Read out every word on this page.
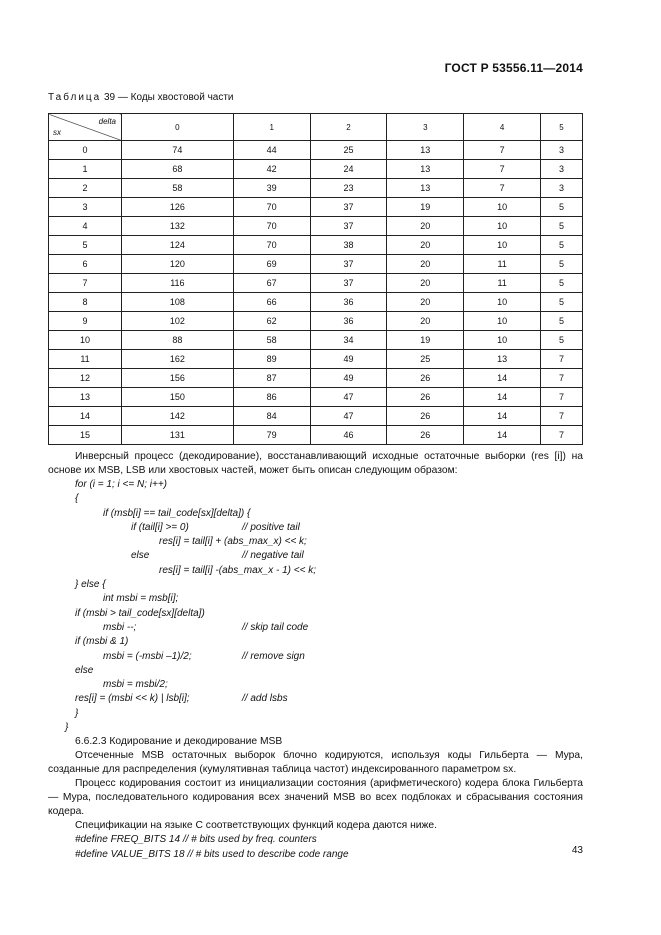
ГОСТ Р 53556.11—2014
Таблица 39 — Коды хвостовой части
delta
sx	0	1	2	3	4	5
0	74	44	25	13	7	3
1	68	42	24	13	7	3
2	58	39	23	13	7	3
3	126	70	37	19	10	5
4	132	70	37	20	10	5
5	124	70	38	20	10	5
6	120	69	37	20	11	5
7	116	67	37	20	11	5
8	108	66	36	20	10	5
9	102	62	36	20	10	5
10	88	58	34	19	10	5
11	162	89	49	25	13	7
12	156	87	49	26	14	7
13	150	86	47	26	14	7
14	142	84	47	26	14	7
15	131	79	46	26	14	7

Инверсный процесс (декодирование), восстанавливающий исходные остаточные выборки (res [i]) на основе их MSB, LSB или хвостовых частей, может быть описан следующим образом:

for (i = 1; i <= N; i++)
{
if (msb[i] == tail_code[sx][delta]) {
if (tail[i] >= 0)	// positive tail
res[i] = tail[i] + (abs_max_x) << k;
else	// negative tail
res[i] = tail[i] -(abs_max_x - 1) << k;
} else {
int msbi = msb[i];
if (msbi > tail_code[sx][delta])
msbi --;	// skip tail code
if (msbi & 1)
msbi = (-msbi –1)/2;	// remove sign
else
msbi = msbi/2;
res[i] = (msbi << k) | lsb[i];	// add lsbs
}
}

6.6.2.3 Кодирование и декодирование MSB

Отсеченные MSB остаточных выборок блочно кодируются, используя коды Гильберта — Мура, созданные для распределения (кумулятивная таблица частот) индексированного параметром sx.

Процесс кодирования состоит из инициализации состояния (арифметического) кодера блока Гильберта — Мура, последовательного кодирования всех значений MSB во всех подблоках и сбрасывания состояния кодера.

Спецификации на языке C соответствующих функций кодера даются ниже.

#define FREQ_BITS 14 // # bits used by freq. counters

#define VALUE_BITS 18 // # bits used to describe code range	43
